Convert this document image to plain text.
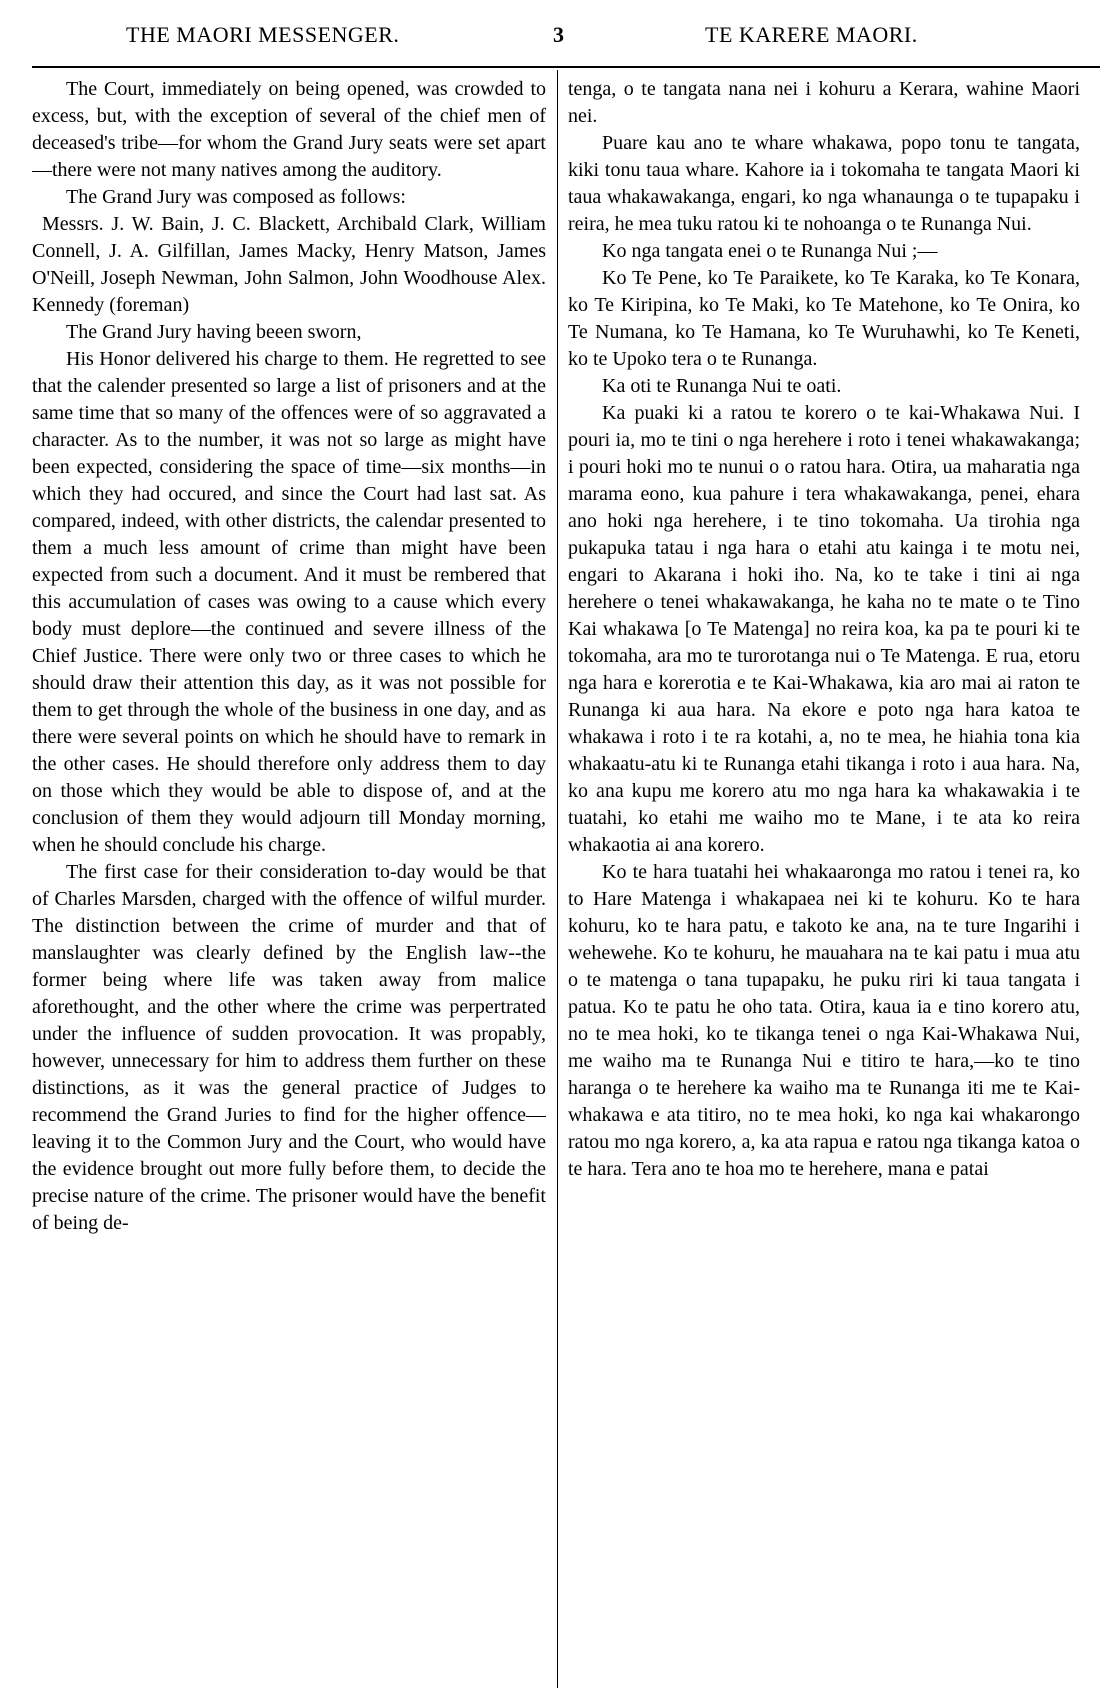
THE MAORI MESSENGER.	3	TE KARERE MAORI.

The Court, immediately on being opened, was crowded to excess, but, with the exception of several of the chief men of deceased's tribe—for whom the Grand Jury seats were set apart—there were not many natives among the auditory.

The Grand Jury was composed as follows:

Messrs. J. W. Bain, J. C. Blackett, Archibald Clark, William Connell, J. A. Gilfillan, James Macky, Henry Matson, James O'Neill, Joseph Newman, John Salmon, John Woodhouse Alex. Kennedy (foreman)

The Grand Jury having beeen sworn,

His Honor delivered his charge to them. He regretted to see that the calender presented so large a list of prisoners and at the same time that so many of the offences were of so aggravated a character. As to the number, it was not so large as might have been expected, considering the space of time—six months—in which they had occured, and since the Court had last sat. As compared, indeed, with other districts, the calendar presented to them a much less amount of crime than might have been expected from such a document. And it must be rembered that this accumulation of cases was owing to a cause which every body must deplore—the continued and severe illness of the Chief Justice. There were only two or three cases to which he should draw their attention this day, as it was not possible for them to get through the whole of the business in one day, and as there were several points on which he should have to remark in the other cases. He should therefore only address them to day on those which they would be able to dispose of, and at the conclusion of them they would adjourn till Monday morning, when he should conclude his charge.

The first case for their consideration to-day would be that of Charles Marsden, charged with the offence of wilful murder. The distinction between the crime of murder and that of manslaughter was clearly defined by the English law--the former being where life was taken away from malice aforethought, and the other where the crime was perpertrated under the influence of sudden provocation. It was propably, however, unnecessary for him to address them further on these distinctions, as it was the general practice of Judges to recommend the Grand Juries to find for the higher offence—leaving it to the Common Jury and the Court, who would have the evidence brought out more fully before them, to decide the precise nature of the crime. The prisoner would have the benefit of being de-

tenga, o te tangata nana nei i kohuru a Kerara, wahine Maori nei.

Puare kau ano te whare whakawa, popo tonu te tangata, kiki tonu taua whare. Kahore ia i tokomaha te tangata Maori ki taua whakawakanga, engari, ko nga whanaunga o te tupapaku i reira, he mea tuku ratou ki te nohoanga o te Runanga Nui.

Ko nga tangata enei o te Runanga Nui ;—

Ko Te Pene, ko Te Paraikete, ko Te Karaka, ko Te Konara, ko Te Kiripina, ko Te Maki, ko Te Matehone, ko Te Onira, ko Te Numana, ko Te Hamana, ko Te Wuruhawhi, ko Te Keneti, ko te Upoko tera o te Runanga.

Ka oti te Runanga Nui te oati.

Ka puaki ki a ratou te korero o te kai-Whakawa Nui. I pouri ia, mo te tini o nga herehere i roto i tenei whakawakanga; i pouri hoki mo te nunui o o ratou hara. Otira, ua maharatia nga marama eono, kua pahure i tera whakawakanga, penei, ehara ano hoki nga herehere, i te tino tokomaha. Ua tirohia nga pukapuka tatau i nga hara o etahi atu kainga i te motu nei, engari to Akarana i hoki iho. Na, ko te take i tini ai nga herehere o tenei whakawakanga, he kaha no te mate o te Tino Kai whakawa [o Te Matenga] no reira koa, ka pa te pouri ki te tokomaha, ara mo te turorotanga nui o Te Matenga. E rua, etoru nga hara e korerotia e te Kai-Whakawa, kia aro mai ai raton te Runanga ki aua hara. Na ekore e poto nga hara katoa te whakawa i roto i te ra kotahi, a, no te mea, he hiahia tona kia whakaatu-atu ki te Runanga etahi tikanga i roto i aua hara. Na, ko ana kupu me korero atu mo nga hara ka whakawakia i te tuatahi, ko etahi me waiho mo te Mane, i te ata ko reira whakaotia ai ana korero.

Ko te hara tuatahi hei whakaaronga mo ratou i tenei ra, ko to Hare Matenga i whakapaea nei ki te kohuru. Ko te hara kohuru, ko te hara patu, e takoto ke ana, na te ture Ingarihi i wehewehe. Ko te kohuru, he mauahara na te kai patu i mua atu o te matenga o tana tupapaku, he puku riri ki taua tangata i patua. Ko te patu he oho tata. Otira, kaua ia e tino korero atu, no te mea hoki, ko te tikanga tenei o nga Kai-Whakawa Nui, me waiho ma te Runanga Nui e titiro te hara,—ko te tino haranga o te herehere ka waiho ma te Runanga iti me te Kai-whakawa e ata titiro, no te mea hoki, ko nga kai whakarongo ratou mo nga korero, a, ka ata rapua e ratou nga tikanga katoa o te hara. Tera ano te hoa mo te herehere, mana e patai
